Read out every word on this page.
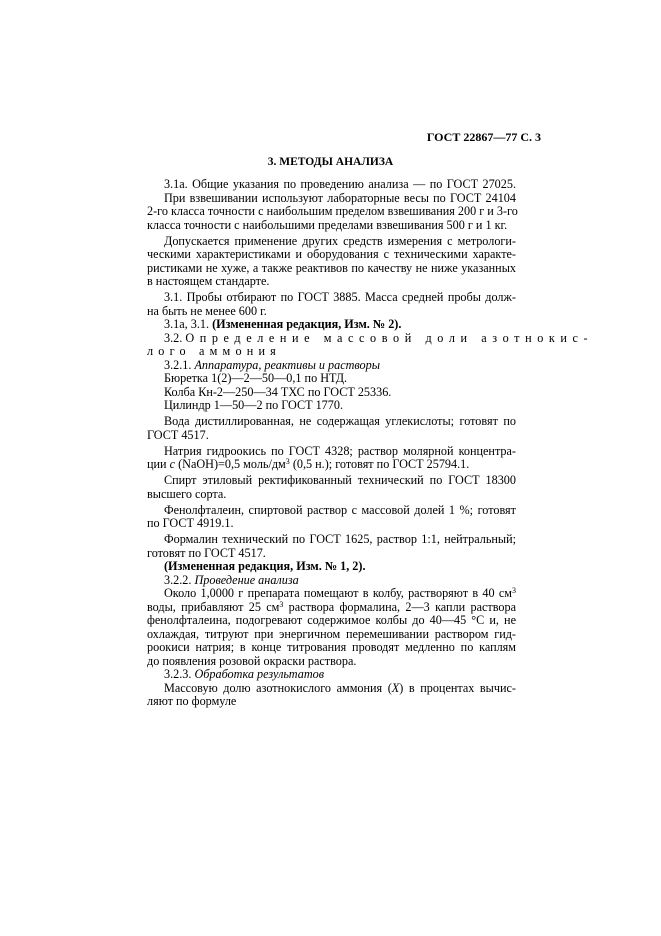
ГОСТ 22867—77 С. 3
3. МЕТОДЫ АНАЛИЗА
3.1а. Общие указания по проведению анализа — по ГОСТ 27025.
При взвешивании используют лабораторные весы по ГОСТ 24104
2-го класса точности с наибольшим пределом взвешивания 200 г и 3-го
класса точности с наибольшими пределами взвешивания 500 г и 1 кг.
Допускается применение других средств измерения с метрологи-
ческими характеристиками и оборудования с техническими характе-
ристиками не хуже, а также реактивов по качеству не ниже указанных
в настоящем стандарте.
3.1. Пробы отбирают по ГОСТ 3885. Масса средней пробы долж-
на быть не менее 600 г.
3.1а, 3.1. (Измененная редакция, Изм. № 2).
3.2. Определение массовой доли азотнокис-
лого аммония
3.2.1. Аппаратура, реактивы и растворы
Бюретка 1(2)—2—50—0,1 по НТД.
Колба Кн-2—250—34 ТХС по ГОСТ 25336.
Цилиндр 1—50—2 по ГОСТ 1770.
Вода дистиллированная, не содержащая углекислоты; готовят по
ГОСТ 4517.
Натрия гидроокись по ГОСТ 4328; раствор молярной концентра-
ции с (NaOH)=0,5 моль/$дм^3$ (0,5 н.); готовят по ГОСТ 25794.1.
Спирт этиловый ректификованный технический по ГОСТ 18300
высшего сорта.
Фенолфталеин, спиртовой раствор с массовой долей 1 %; готовят
по ГОСТ 4919.1.
Формалин технический по ГОСТ 1625, раствор 1:1, нейтральный;
готовят по ГОСТ 4517.
(Измененная редакция, Изм. № 1, 2).
3.2.2. Проведение анализа
Около 1,0000 г препарата помещают в колбу, растворяют в 40 $см^3$
воды, прибавляют 25 $см^3$ раствора формалина, 2—3 капли раствора
фенолфталеина, подогревают содержимое колбы до 40—45 °С и, не
охлаждая, титруют при энергичном перемешивании раствором гид-
роокиси натрия; в конце титрования проводят медленно по каплям
до появления розовой окраски раствора.
3.2.3. Обработка результатов
Массовую долю азотнокислого аммония (X) в процентах вычис-
ляют по формуле
